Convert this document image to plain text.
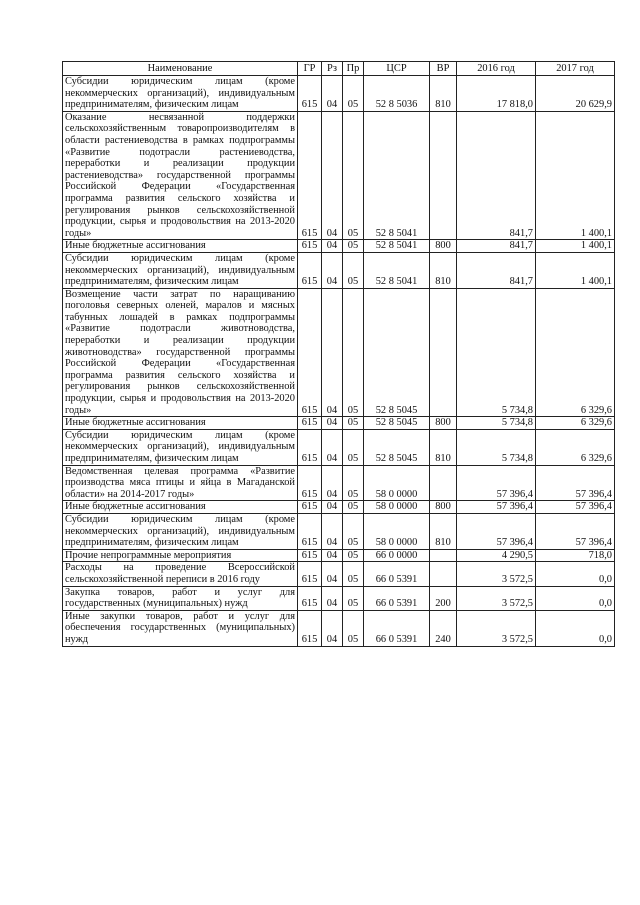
Наименование	ГР	Рз	Пр	ЦСР	ВР	2016 год	2017 год
Субсидии юридическим лицам (кроме некоммерческих организаций), индивидуальным предпринимателям, физическим лицам	615	04	05	52 8 5036	810	17 818,0	20 629,9
Оказание несвязанной поддержки сельскохозяйственным товаропроизводителям в области растениеводства в рамках подпрограммы «Развитие подотрасли растениеводства, переработки и реализации продукции растениеводства» государственной программы Российской Федерации «Государственная программа развития сельского хозяйства и регулирования рынков сельскохозяйственной продукции, сырья и продовольствия на 2013-2020 годы»	615	04	05	52 8 5041		841,7	1 400,1
Иные бюджетные ассигнования	615	04	05	52 8 5041	800	841,7	1 400,1
Субсидии юридическим лицам (кроме некоммерческих организаций), индивидуальным предпринимателям, физическим лицам	615	04	05	52 8 5041	810	841,7	1 400,1
Возмещение части затрат по наращиванию поголовья северных оленей, маралов и мясных табунных лошадей в рамках подпрограммы «Развитие подотрасли животноводства, переработки и реализации продукции животноводства» государственной программы Российской Федерации «Государственная программа развития сельского хозяйства и регулирования рынков сельскохозяйственной продукции, сырья и продовольствия на 2013-2020 годы»	615	04	05	52 8 5045		5 734,8	6 329,6
Иные бюджетные ассигнования	615	04	05	52 8 5045	800	5 734,8	6 329,6
Субсидии юридическим лицам (кроме некоммерческих организаций), индивидуальным предпринимателям, физическим лицам	615	04	05	52 8 5045	810	5 734,8	6 329,6
Ведомственная целевая программа «Развитие производства мяса птицы и яйца в Магаданской области» на 2014-2017 годы»	615	04	05	58 0 0000		57 396,4	57 396,4
Иные бюджетные ассигнования	615	04	05	58 0 0000	800	57 396,4	57 396,4
Субсидии юридическим лицам (кроме некоммерческих организаций), индивидуальным предпринимателям, физическим лицам	615	04	05	58 0 0000	810	57 396,4	57 396,4
Прочие непрограммные мероприятия	615	04	05	66 0 0000		4 290,5	718,0
Расходы на проведение Всероссийской сельскохозяйственной переписи в 2016 году	615	04	05	66 0 5391		3 572,5	0,0
Закупка товаров, работ и услуг для государственных (муниципальных) нужд	615	04	05	66 0 5391	200	3 572,5	0,0
Иные закупки товаров, работ и услуг для обеспечения государственных (муниципальных) нужд	615	04	05	66 0 5391	240	3 572,5	0,0
